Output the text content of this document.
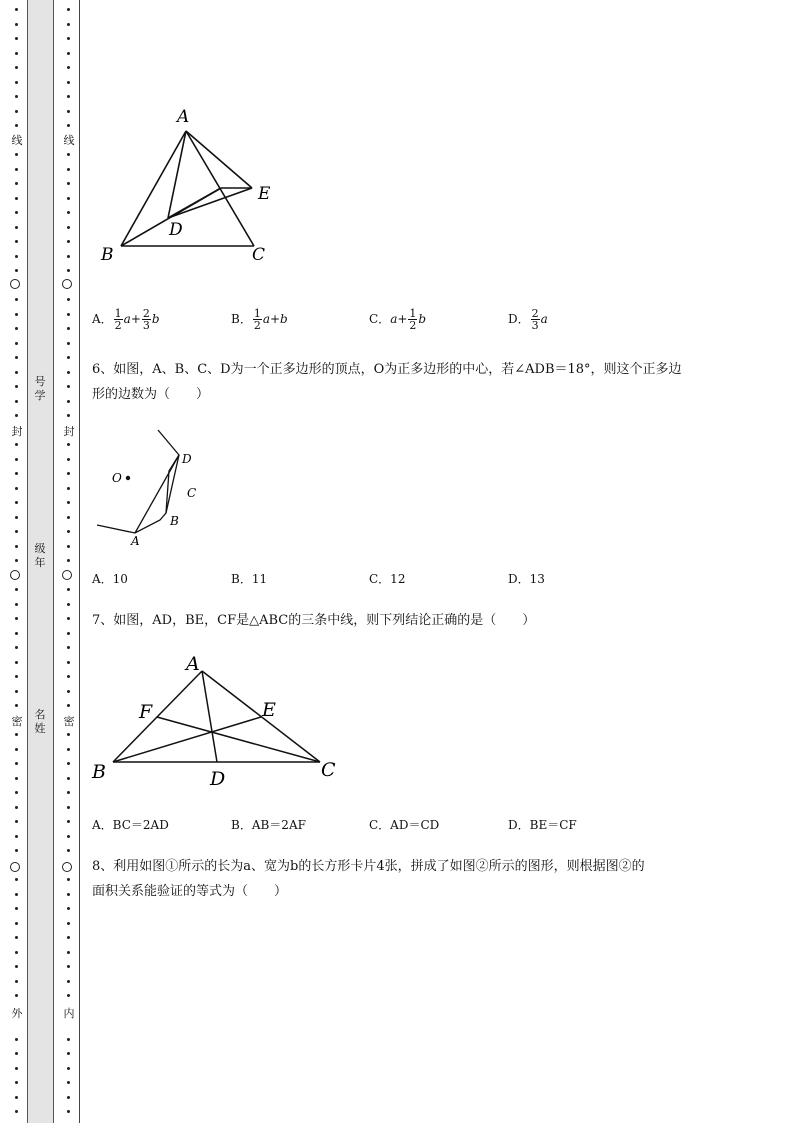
线
封
密
外
线
封
密
内
号
学
级
年
名
姓
A
B	C
D
E
A． $\frac{1}{2} a+ \frac{2}{3}$ b	B． $\frac{1}{2} a+b$	C．$a+ \frac{1}{2}$ b	D． $\frac{2}{3}$ a
6、如图，A、B、C、D为一个正多边形的顶点，O为正多边形的中心，若∠ADB＝18°，则这个正多边
形的边数为（　　）
O
D
C
B
A
A．10	B．11	C．12	D．13
7、如图，AD，BE，CF是△ABC的三条中线，则下列结论正确的是（　　）
A
F	E
B	D	C
A．BC＝2AD	B．AB＝2AF	C．AD＝CD	D．BE＝CF
8、利用如图①所示的长为a、宽为b的长方形卡片4张，拼成了如图②所示的图形，则根据图②的
面积关系能验证的等式为（　　）
